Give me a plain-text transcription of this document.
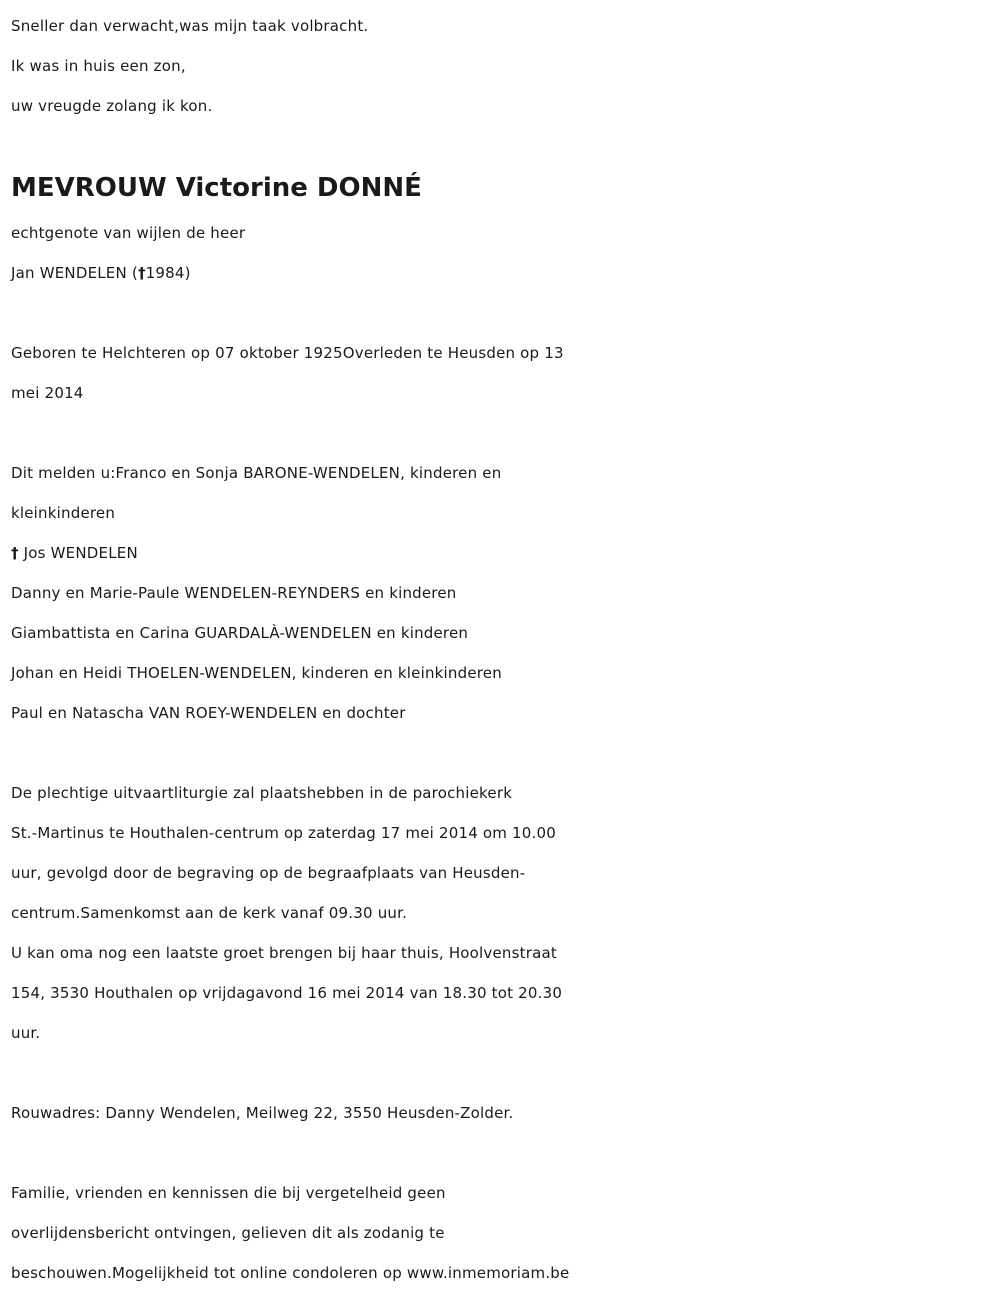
Sneller dan verwacht,was mijn taak volbracht.
Ik was in huis een zon,
uw vreugde zolang ik kon.
MEVROUW Victorine DONNÉ
echtgenote van wijlen de heer
Jan WENDELEN (†1984)
Geboren te Helchteren op 07 oktober 1925Overleden te Heusden op 13
mei 2014
Dit melden u:Franco en Sonja BARONE-WENDELEN, kinderen en
kleinkinderen
† Jos WENDELEN
Danny en Marie-Paule WENDELEN-REYNDERS en kinderen
Giambattista en Carina GUARDALÀ-WENDELEN en kinderen
Johan en Heidi THOELEN-WENDELEN, kinderen en kleinkinderen
Paul en Natascha VAN ROEY-WENDELEN en dochter
De plechtige uitvaartliturgie zal plaatshebben in de parochiekerk
St.-Martinus te Houthalen-centrum op zaterdag 17 mei 2014 om 10.00
uur, gevolgd door de begraving op de begraafplaats van Heusden-
centrum.Samenkomst aan de kerk vanaf 09.30 uur.
U kan oma nog een laatste groet brengen bij haar thuis, Hoolvenstraat
154, 3530 Houthalen op vrijdagavond 16 mei 2014 van 18.30 tot 20.30
uur.
Rouwadres: Danny Wendelen, Meilweg 22, 3550 Heusden-Zolder.
Familie, vrienden en kennissen die bij vergetelheid geen
overlijdensbericht ontvingen, gelieven dit als zodanig te
beschouwen.Mogelijkheid tot online condoleren op www.inmemoriam.be
